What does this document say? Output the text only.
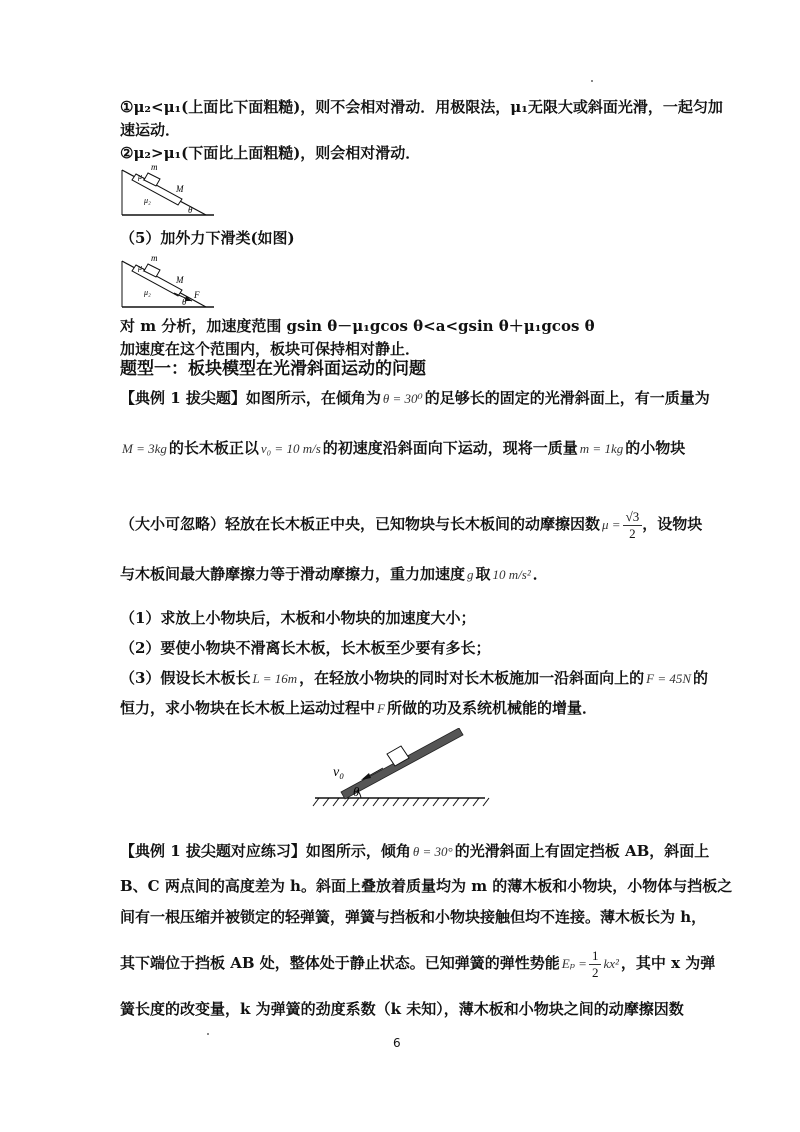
①μ₂<μ₁(上面比下面粗糙)，则不会相对滑动．用极限法，μ₁无限大或斜面光滑，一起匀加
速运动．
②μ₂>μ₁(下面比上面粗糙)，则会相对滑动．
m
M
μ₁
μ₂
θ
（5）加外力下滑类(如图)
m
M
μ₁
μ₂	F
θ
对 m 分析，加速度范围 gsin θ－μ₁gcos θ<a<gsin θ＋μ₁gcos θ
加速度在这个范围内，板块可保持相对静止．
题型一：板块模型在光滑斜面运动的问题
【典例 1 拔尖题】如图所示，在倾角为 θ = 30⁰ 的足够长的固定的光滑斜面上，有一质量为
M = 3kg 的长木板正以 v₀ = 10 m/s 的初速度沿斜面向下运动，现将一质量 m = 1kg 的小物块
（大小可忽略）轻放在长木板正中央，已知物块与长木板间的动摩擦因数 $\mu = \frac{√3}{2}$ ，设物块
与木板间最大静摩擦力等于滑动摩擦力，重力加速度 g 取 10 m/s² ．
（1）求放上小物块后，木板和小物块的加速度大小；
（2）要使小物块不滑离长木板，长木板至少要有多长；
（3）假设长木板长 L = 16m ，在轻放小物块的同时对长木板施加一沿斜面向上的 F = 45N 的
恒力，求小物块在长木板上运动过程中 F 所做的功及系统机械能的增量．
v₀
θ
【典例 1 拔尖题对应练习】如图所示，倾角 θ = 30° 的光滑斜面上有固定挡板 AB，斜面上
B、C 两点间的高度差为 h。斜面上叠放着质量均为 m 的薄木板和小物块，小物体与挡板之
间有一根压缩并被锁定的轻弹簧，弹簧与挡板和小物块接触但均不连接。薄木板长为 h，
其下端位于挡板 AB 处，整体处于静止状态。已知弹簧的弹性势能 $E_p = \frac{1}{2} kx^2$ ，其中 x 为弹
簧长度的改变量，k 为弹簧的劲度系数（k 未知），薄木板和小物块之间的动摩擦因数
6
